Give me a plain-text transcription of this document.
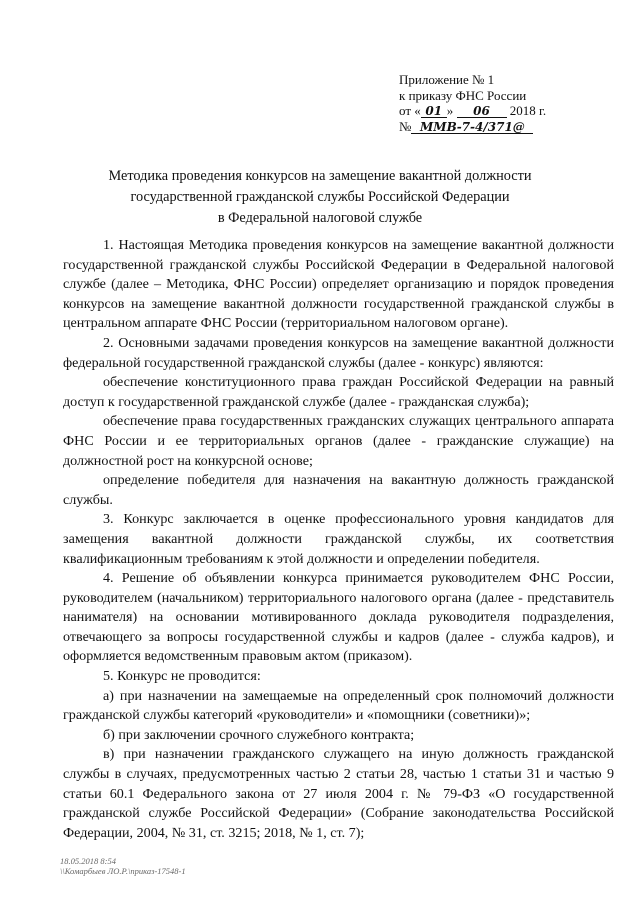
Приложение № 1
к приказу ФНС России
от « 01 » 06 2018 г.
№ ММВ-7-4/371@
Методика проведения конкурсов на замещение вакантной должности
государственной гражданской службы Российской Федерации
в Федеральной налоговой службе

1. Настоящая Методика проведения конкурсов на замещение вакантной должности государственной гражданской службы Российской Федерации в Федеральной налоговой службе (далее – Методика, ФНС России) определяет организацию и порядок проведения конкурсов на замещение вакантной должности государственной гражданской службы в центральном аппарате ФНС России (территориальном налоговом органе).

2. Основными задачами проведения конкурсов на замещение вакантной должности федеральной государственной гражданской службы (далее - конкурс) являются:

обеспечение конституционного права граждан Российской Федерации на равный доступ к государственной гражданской службе (далее - гражданская служба);

обеспечение права государственных гражданских служащих центрального аппарата ФНС России и ее территориальных органов (далее - гражданские служащие) на должностной рост на конкурсной основе;

определение победителя для назначения на вакантную должность гражданской службы.

3. Конкурс заключается в оценке профессионального уровня кандидатов для замещения вакантной должности гражданской службы, их соответствия квалификационным требованиям к этой должности и определении победителя.

4. Решение об объявлении конкурса принимается руководителем ФНС России, руководителем (начальником) территориального налогового органа (далее - представитель нанимателя) на основании мотивированного доклада руководителя подразделения, отвечающего за вопросы государственной службы и кадров (далее - служба кадров), и оформляется ведомственным правовым актом (приказом).

5. Конкурс не проводится:

а) при назначении на замещаемые на определенный срок полномочий должности гражданской службы категорий «руководители» и «помощники (советники)»;

б) при заключении срочного служебного контракта;

в) при назначении гражданского служащего на иную должность гражданской службы в случаях, предусмотренных частью 2 статьи 28, частью 1 статьи 31 и частью 9 статьи 60.1 Федерального закона от 27 июля 2004 г. № 79-ФЗ «О государственной гражданской службе Российской Федерации» (Собрание законодательства Российской Федерации, 2004, № 31, ст. 3215; 2018, № 1, ст. 7);

18.05.2018 8:54
\\Комарбыев ЛО.Р.\приказ-17548-1
